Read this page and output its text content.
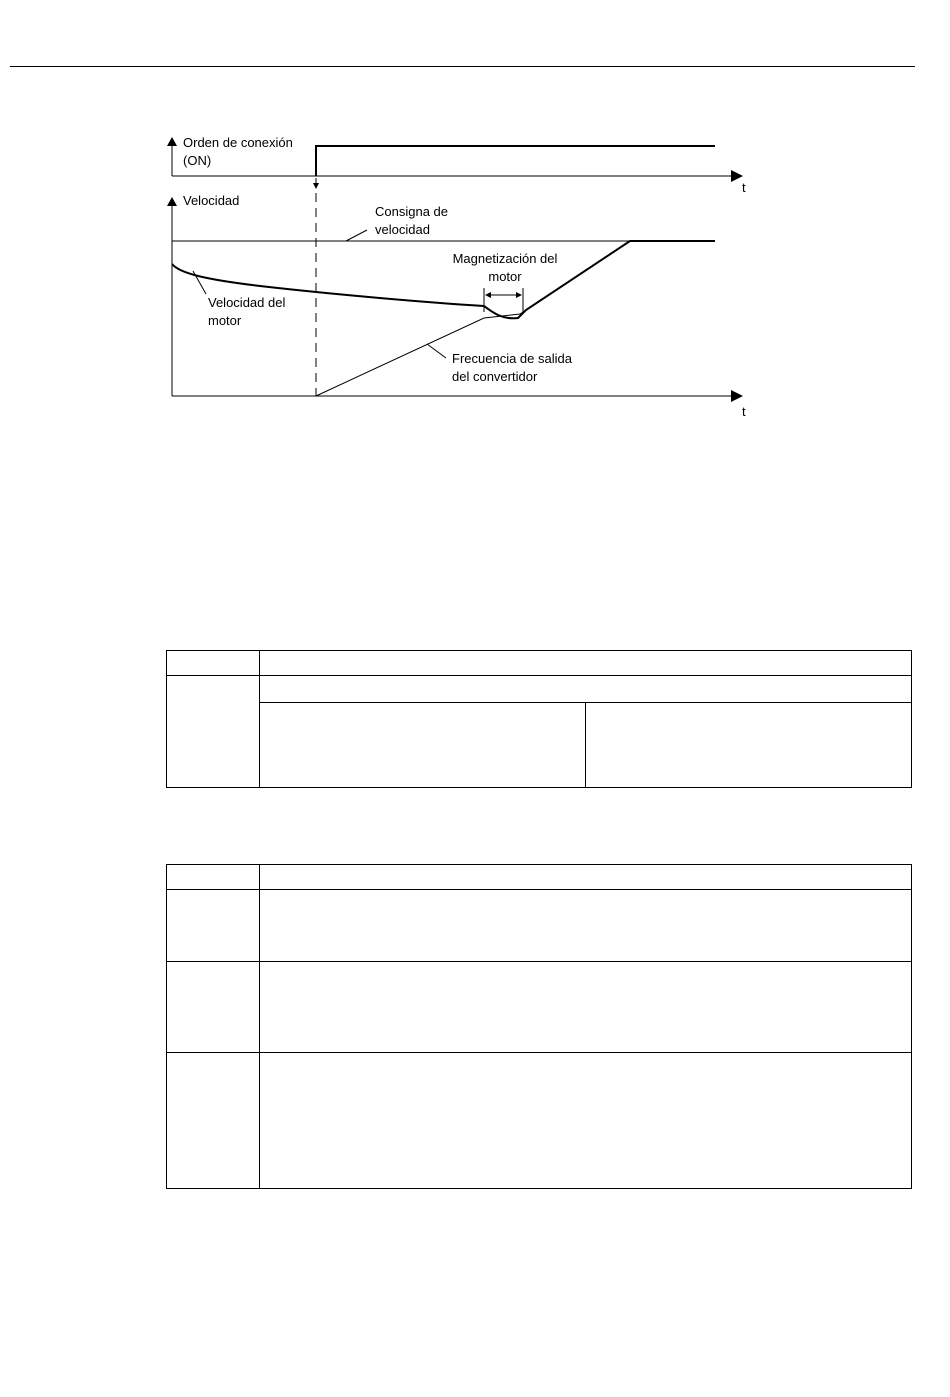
Orden de conexión
(ON)
t
Velocidad
t
Consigna de
velocidad
Velocidad del
motor
Frecuencia de salida
del convertidor
Magnetización del
motor
